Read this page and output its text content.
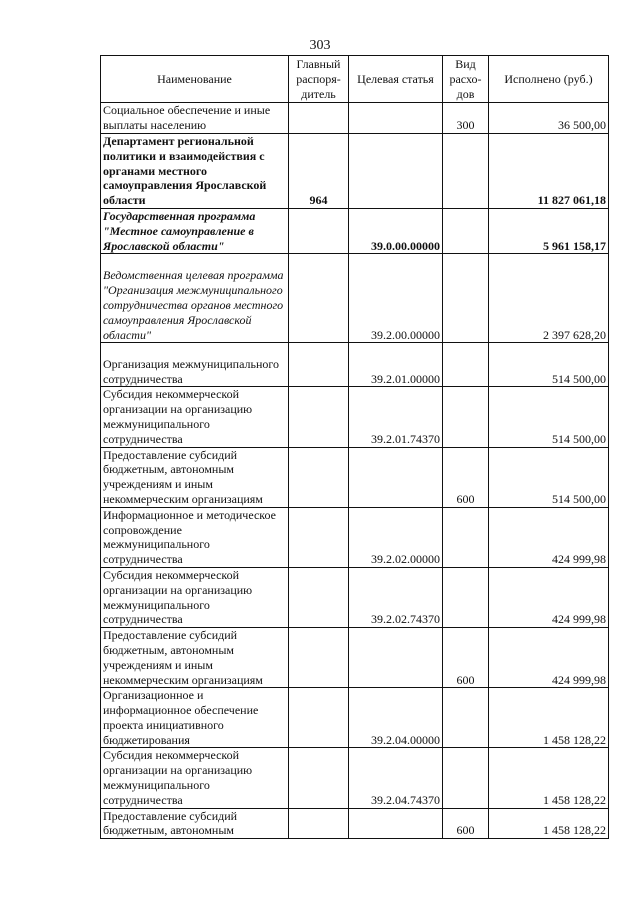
303
Наименование	Главный распоря-дитель	Целевая статья	Вид расхо-дов	Исполнено (руб.)
Социальное обеспечение и иные выплаты населению			300	36 500,00
Департамент региональной политики и взаимодействия с органами местного самоуправления Ярославской области	964			11 827 061,18
Государственная программа "Местное самоуправление в Ярославской области"		39.0.00.00000		5 961 158,17
Ведомственная целевая программа "Организация межмуниципального сотрудничества органов местного самоуправления Ярославской области"		39.2.00.00000		2 397 628,20
Организация межмуниципального сотрудничества		39.2.01.00000		514 500,00
Субсидия некоммерческой организации на организацию межмуниципального сотрудничества		39.2.01.74370		514 500,00
Предоставление субсидий бюджетным, автономным учреждениям и иным некоммерческим организациям			600	514 500,00
Информационное и методическое сопровождение межмуниципального сотрудничества		39.2.02.00000		424 999,98
Субсидия некоммерческой организации на организацию межмуниципального сотрудничества		39.2.02.74370		424 999,98
Предоставление субсидий бюджетным, автономным учреждениям и иным некоммерческим организациям			600	424 999,98
Организационное и информационное обеспечение проекта инициативного бюджетирования		39.2.04.00000		1 458 128,22
Субсидия некоммерческой организации на организацию межмуниципального сотрудничества		39.2.04.74370		1 458 128,22
Предоставление субсидий бюджетным, автономным			600	1 458 128,22
